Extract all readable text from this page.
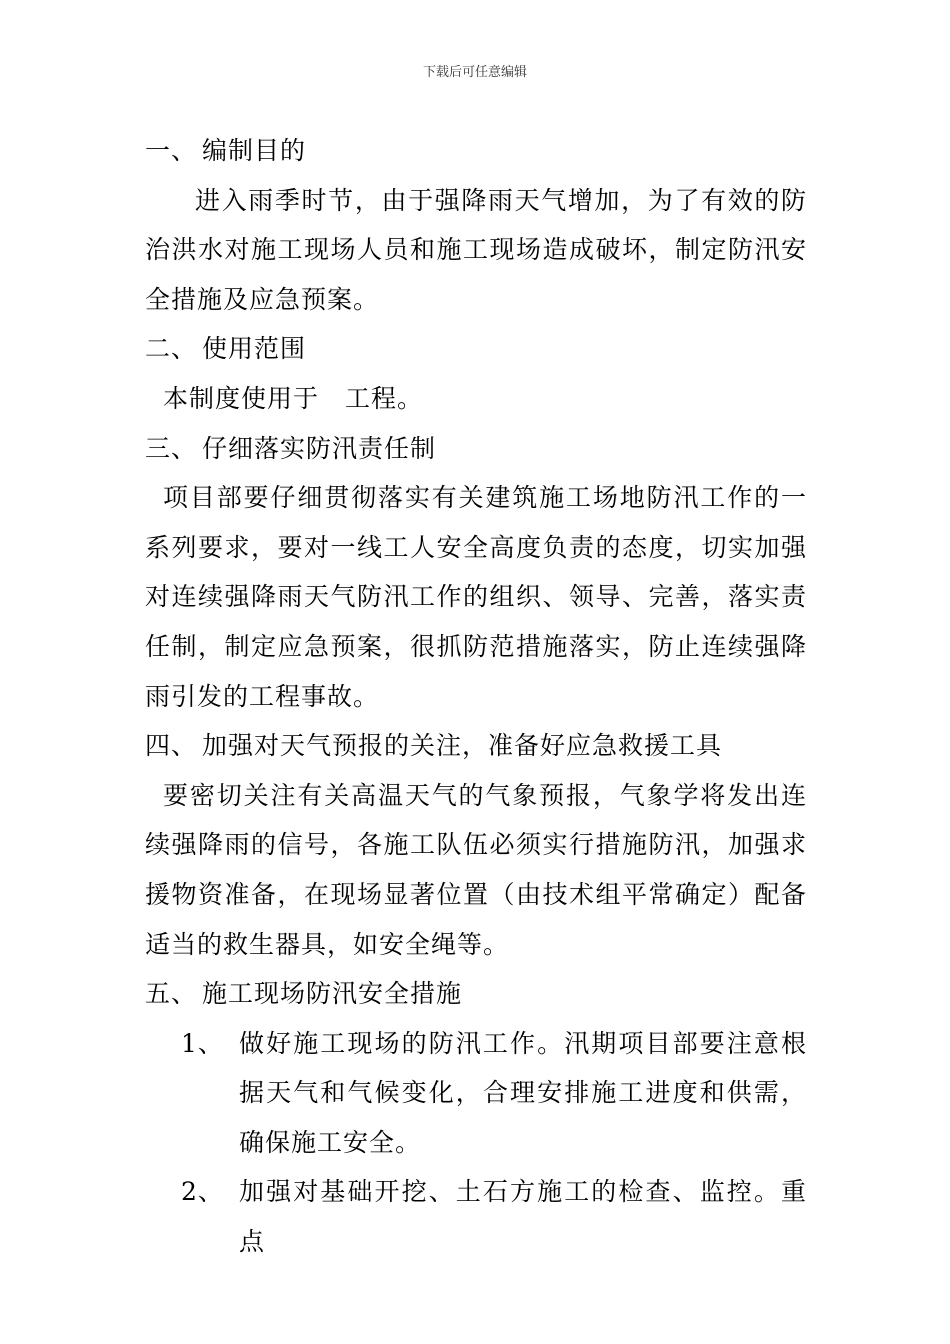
下载后可任意编辑
一、 编制目的
进入雨季时节，由于强降雨天气增加，为了有效的防治洪水对施工现场人员和施工现场造成破坏，制定防汛安全措施及应急预案。
二、 使用范围
本制度使用于　工程。
三、 仔细落实防汛责任制
项目部要仔细贯彻落实有关建筑施工场地防汛工作的一系列要求，要对一线工人安全高度负责的态度，切实加强对连续强降雨天气防汛工作的组织、领导、完善，落实责任制，制定应急预案，很抓防范措施落实，防止连续强降雨引发的工程事故。
四、 加强对天气预报的关注，准备好应急救援工具
要密切关注有关高温天气的气象预报，气象学将发出连续强降雨的信号，各施工队伍必须实行措施防汛，加强求援物资准备，在现场显著位置（由技术组平常确定）配备适当的救生器具，如安全绳等。
五、 施工现场防汛安全措施
1、 做好施工现场的防汛工作。汛期项目部要注意根据天气和气候变化，合理安排施工进度和供需，确保施工安全。
2、 加强对基础开挖、土石方施工的检查、监控。重点
